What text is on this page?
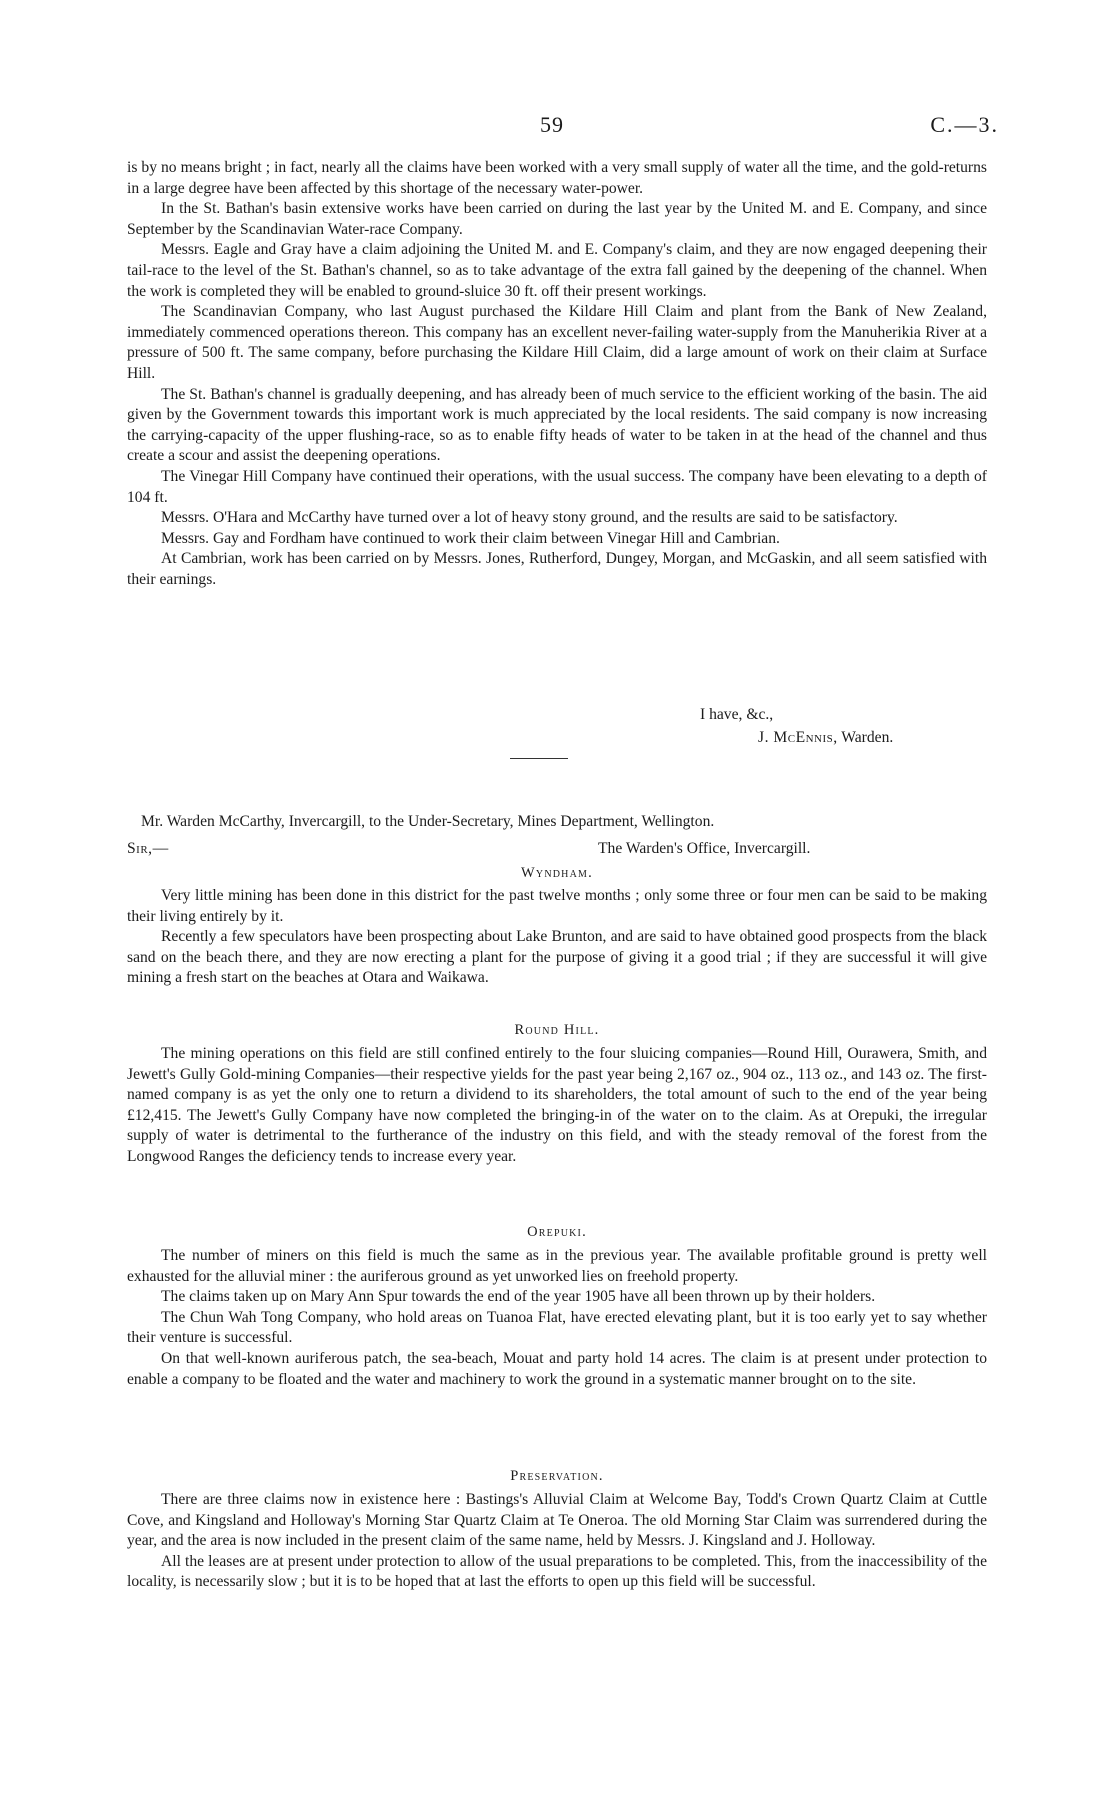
59	C.—3.

is by no means bright ; in fact, nearly all the claims have been worked with a very small supply of water all the time, and the gold-returns in a large degree have been affected by this shortage of the necessary water-power.

In the St. Bathan's basin extensive works have been carried on during the last year by the United M. and E. Company, and since September by the Scandinavian Water-race Company.

Messrs. Eagle and Gray have a claim adjoining the United M. and E. Company's claim, and they are now engaged deepening their tail-race to the level of the St. Bathan's channel, so as to take advantage of the extra fall gained by the deepening of the channel. When the work is completed they will be enabled to ground-sluice 30 ft. off their present workings.

The Scandinavian Company, who last August purchased the Kildare Hill Claim and plant from the Bank of New Zealand, immediately commenced operations thereon. This company has an excellent never-failing water-supply from the Manuherikia River at a pressure of 500 ft. The same company, before purchasing the Kildare Hill Claim, did a large amount of work on their claim at Surface Hill.

The St. Bathan's channel is gradually deepening, and has already been of much service to the efficient working of the basin. The aid given by the Government towards this important work is much appreciated by the local residents. The said company is now increasing the carrying-capacity of the upper flushing-race, so as to enable fifty heads of water to be taken in at the head of the channel and thus create a scour and assist the deepening operations.

The Vinegar Hill Company have continued their operations, with the usual success. The company have been elevating to a depth of 104 ft.

Messrs. O'Hara and McCarthy have turned over a lot of heavy stony ground, and the results are said to be satisfactory.

Messrs. Gay and Fordham have continued to work their claim between Vinegar Hill and Cambrian.

At Cambrian, work has been carried on by Messrs. Jones, Rutherford, Dungey, Morgan, and McGaskin, and all seem satisfied with their earnings.

I have, &c.,

J. McEnnis, Warden.

Mr. Warden McCarthy, Invercargill, to the Under-Secretary, Mines Department, Wellington.
Sir,—	The Warden's Office, Invercargill.
Wyndham.

Very little mining has been done in this district for the past twelve months ; only some three or four men can be said to be making their living entirely by it.

Recently a few speculators have been prospecting about Lake Brunton, and are said to have obtained good prospects from the black sand on the beach there, and they are now erecting a plant for the purpose of giving it a good trial ; if they are successful it will give mining a fresh start on the beaches at Otara and Waikawa.

Round Hill.

The mining operations on this field are still confined entirely to the four sluicing companies—Round Hill, Ourawera, Smith, and Jewett's Gully Gold-mining Companies—their respective yields for the past year being 2,167 oz., 904 oz., 113 oz., and 143 oz. The first-named company is as yet the only one to return a dividend to its shareholders, the total amount of such to the end of the year being £12,415. The Jewett's Gully Company have now completed the bringing-in of the water on to the claim. As at Orepuki, the irregular supply of water is detrimental to the furtherance of the industry on this field, and with the steady removal of the forest from the Longwood Ranges the deficiency tends to increase every year.

Orepuki.

The number of miners on this field is much the same as in the previous year. The available profitable ground is pretty well exhausted for the alluvial miner : the auriferous ground as yet unworked lies on freehold property.

The claims taken up on Mary Ann Spur towards the end of the year 1905 have all been thrown up by their holders.

The Chun Wah Tong Company, who hold areas on Tuanoa Flat, have erected elevating plant, but it is too early yet to say whether their venture is successful.

On that well-known auriferous patch, the sea-beach, Mouat and party hold 14 acres. The claim is at present under protection to enable a company to be floated and the water and machinery to work the ground in a systematic manner brought on to the site.

Preservation.

There are three claims now in existence here : Bastings's Alluvial Claim at Welcome Bay, Todd's Crown Quartz Claim at Cuttle Cove, and Kingsland and Holloway's Morning Star Quartz Claim at Te Oneroa. The old Morning Star Claim was surrendered during the year, and the area is now included in the present claim of the same name, held by Messrs. J. Kingsland and J. Holloway.

All the leases are at present under protection to allow of the usual preparations to be completed. This, from the inaccessibility of the locality, is necessarily slow ; but it is to be hoped that at last the efforts to open up this field will be successful.
